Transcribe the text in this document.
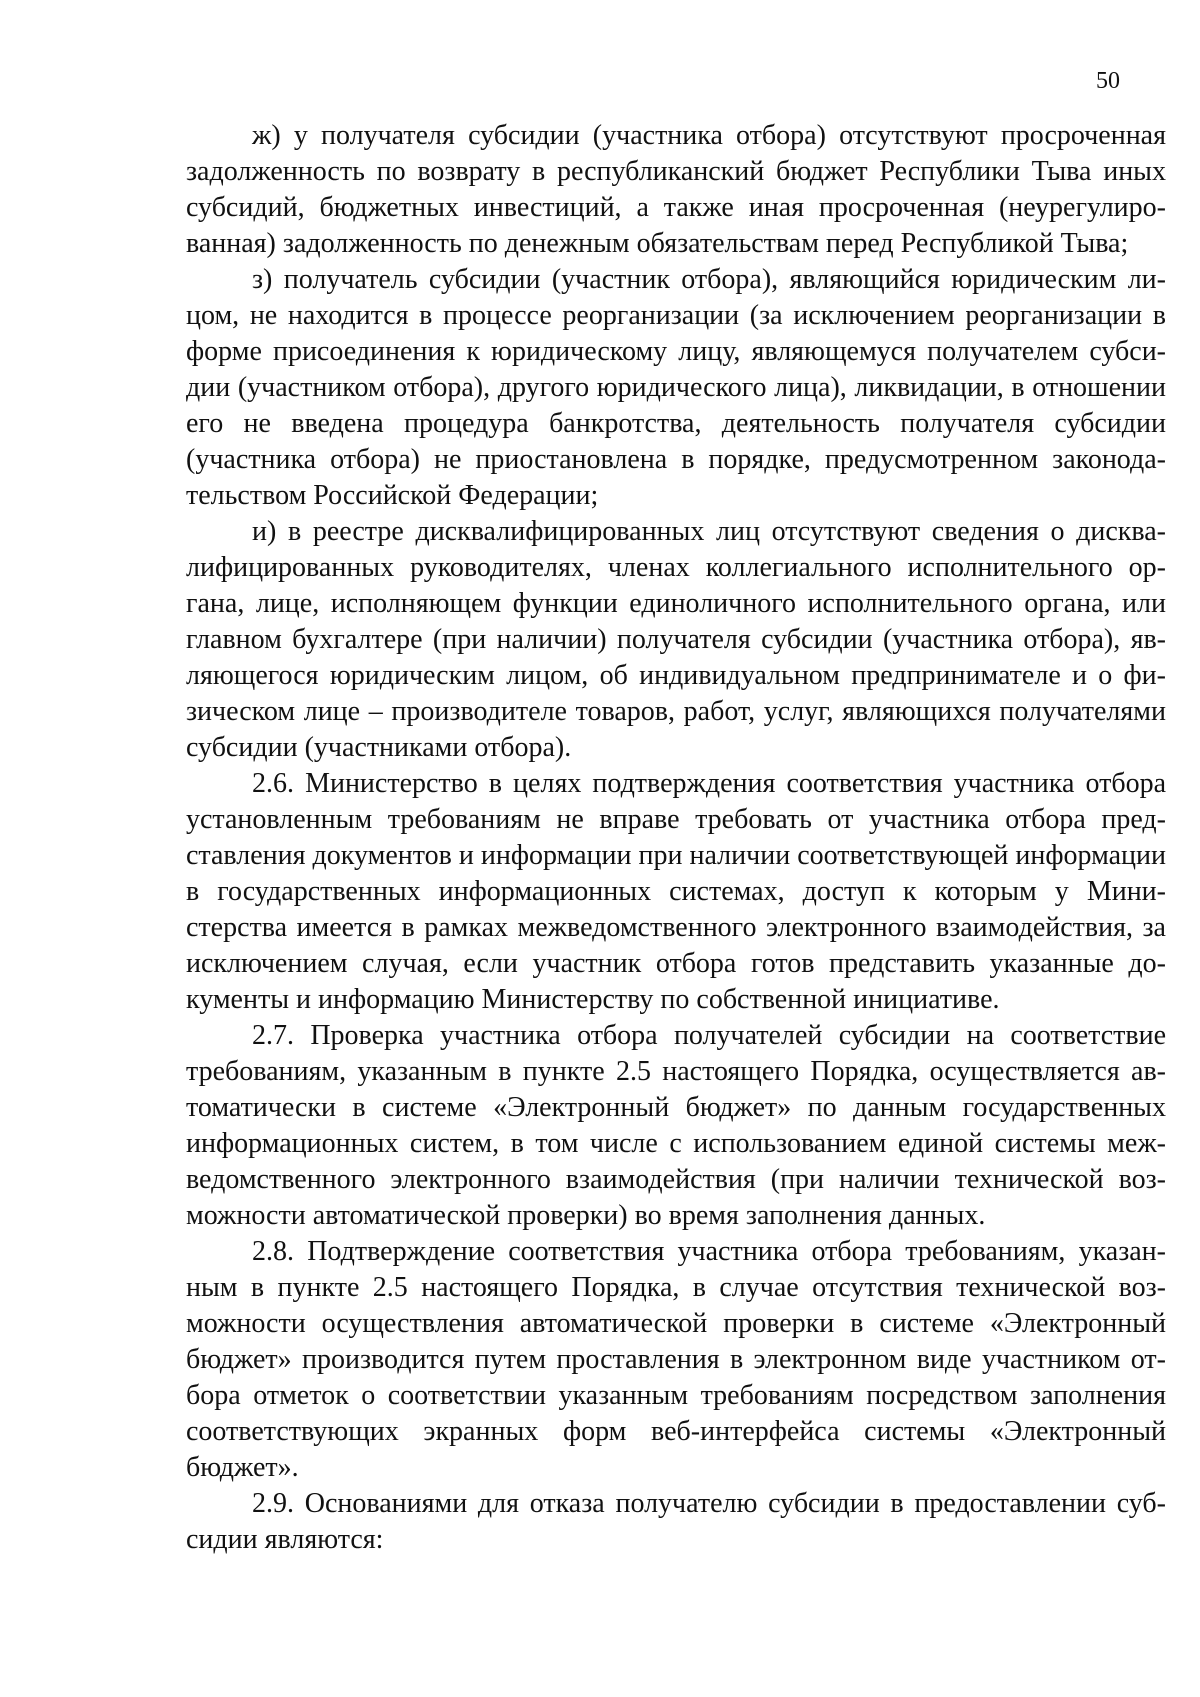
50

ж) у получателя субсидии (участника отбора) отсутствуют просроченная задолженность по возврату в республиканский бюджет Республики Тыва иных субсидий, бюджетных инвестиций, а также иная просроченная (неурегулированная) задолженность по денежным обязательствам перед Республикой Тыва;

з) получатель субсидии (участник отбора), являющийся юридическим лицом, не находится в процессе реорганизации (за исключением реорганизации в форме присоединения к юридическому лицу, являющемуся получателем субсидии (участником отбора), другого юридического лица), ликвидации, в отношении его не введена процедура банкротства, деятельность получателя субсидии (участника отбора) не приостановлена в порядке, предусмотренном законодательством Российской Федерации;

и) в реестре дисквалифицированных лиц отсутствуют сведения о дисквалифицированных руководителях, членах коллегиального исполнительного органа, лице, исполняющем функции единоличного исполнительного органа, или главном бухгалтере (при наличии) получателя субсидии (участника отбора), являющегося юридическим лицом, об индивидуальном предпринимателе и о физическом лице – производителе товаров, работ, услуг, являющихся получателями субсидии (участниками отбора).

2.6. Министерство в целях подтверждения соответствия участника отбора установленным требованиям не вправе требовать от участника отбора представления документов и информации при наличии соответствующей информации в государственных информационных системах, доступ к которым у Министерства имеется в рамках межведомственного электронного взаимодействия, за исключением случая, если участник отбора готов представить указанные документы и информацию Министерству по собственной инициативе.

2.7. Проверка участника отбора получателей субсидии на соответствие требованиям, указанным в пункте 2.5 настоящего Порядка, осуществляется автоматически в системе «Электронный бюджет» по данным государственных информационных систем, в том числе с использованием единой системы межведомственного электронного взаимодействия (при наличии технической возможности автоматической проверки) во время заполнения данных.

2.8. Подтверждение соответствия участника отбора требованиям, указанным в пункте 2.5 настоящего Порядка, в случае отсутствия технической возможности осуществления автоматической проверки в системе «Электронный бюджет» производится путем проставления в электронном виде участником отбора отметок о соответствии указанным требованиям посредством заполнения соответствующих экранных форм веб-интерфейса системы «Электронный бюджет».

2.9. Основаниями для отказа получателю субсидии в предоставлении субсидии являются:
